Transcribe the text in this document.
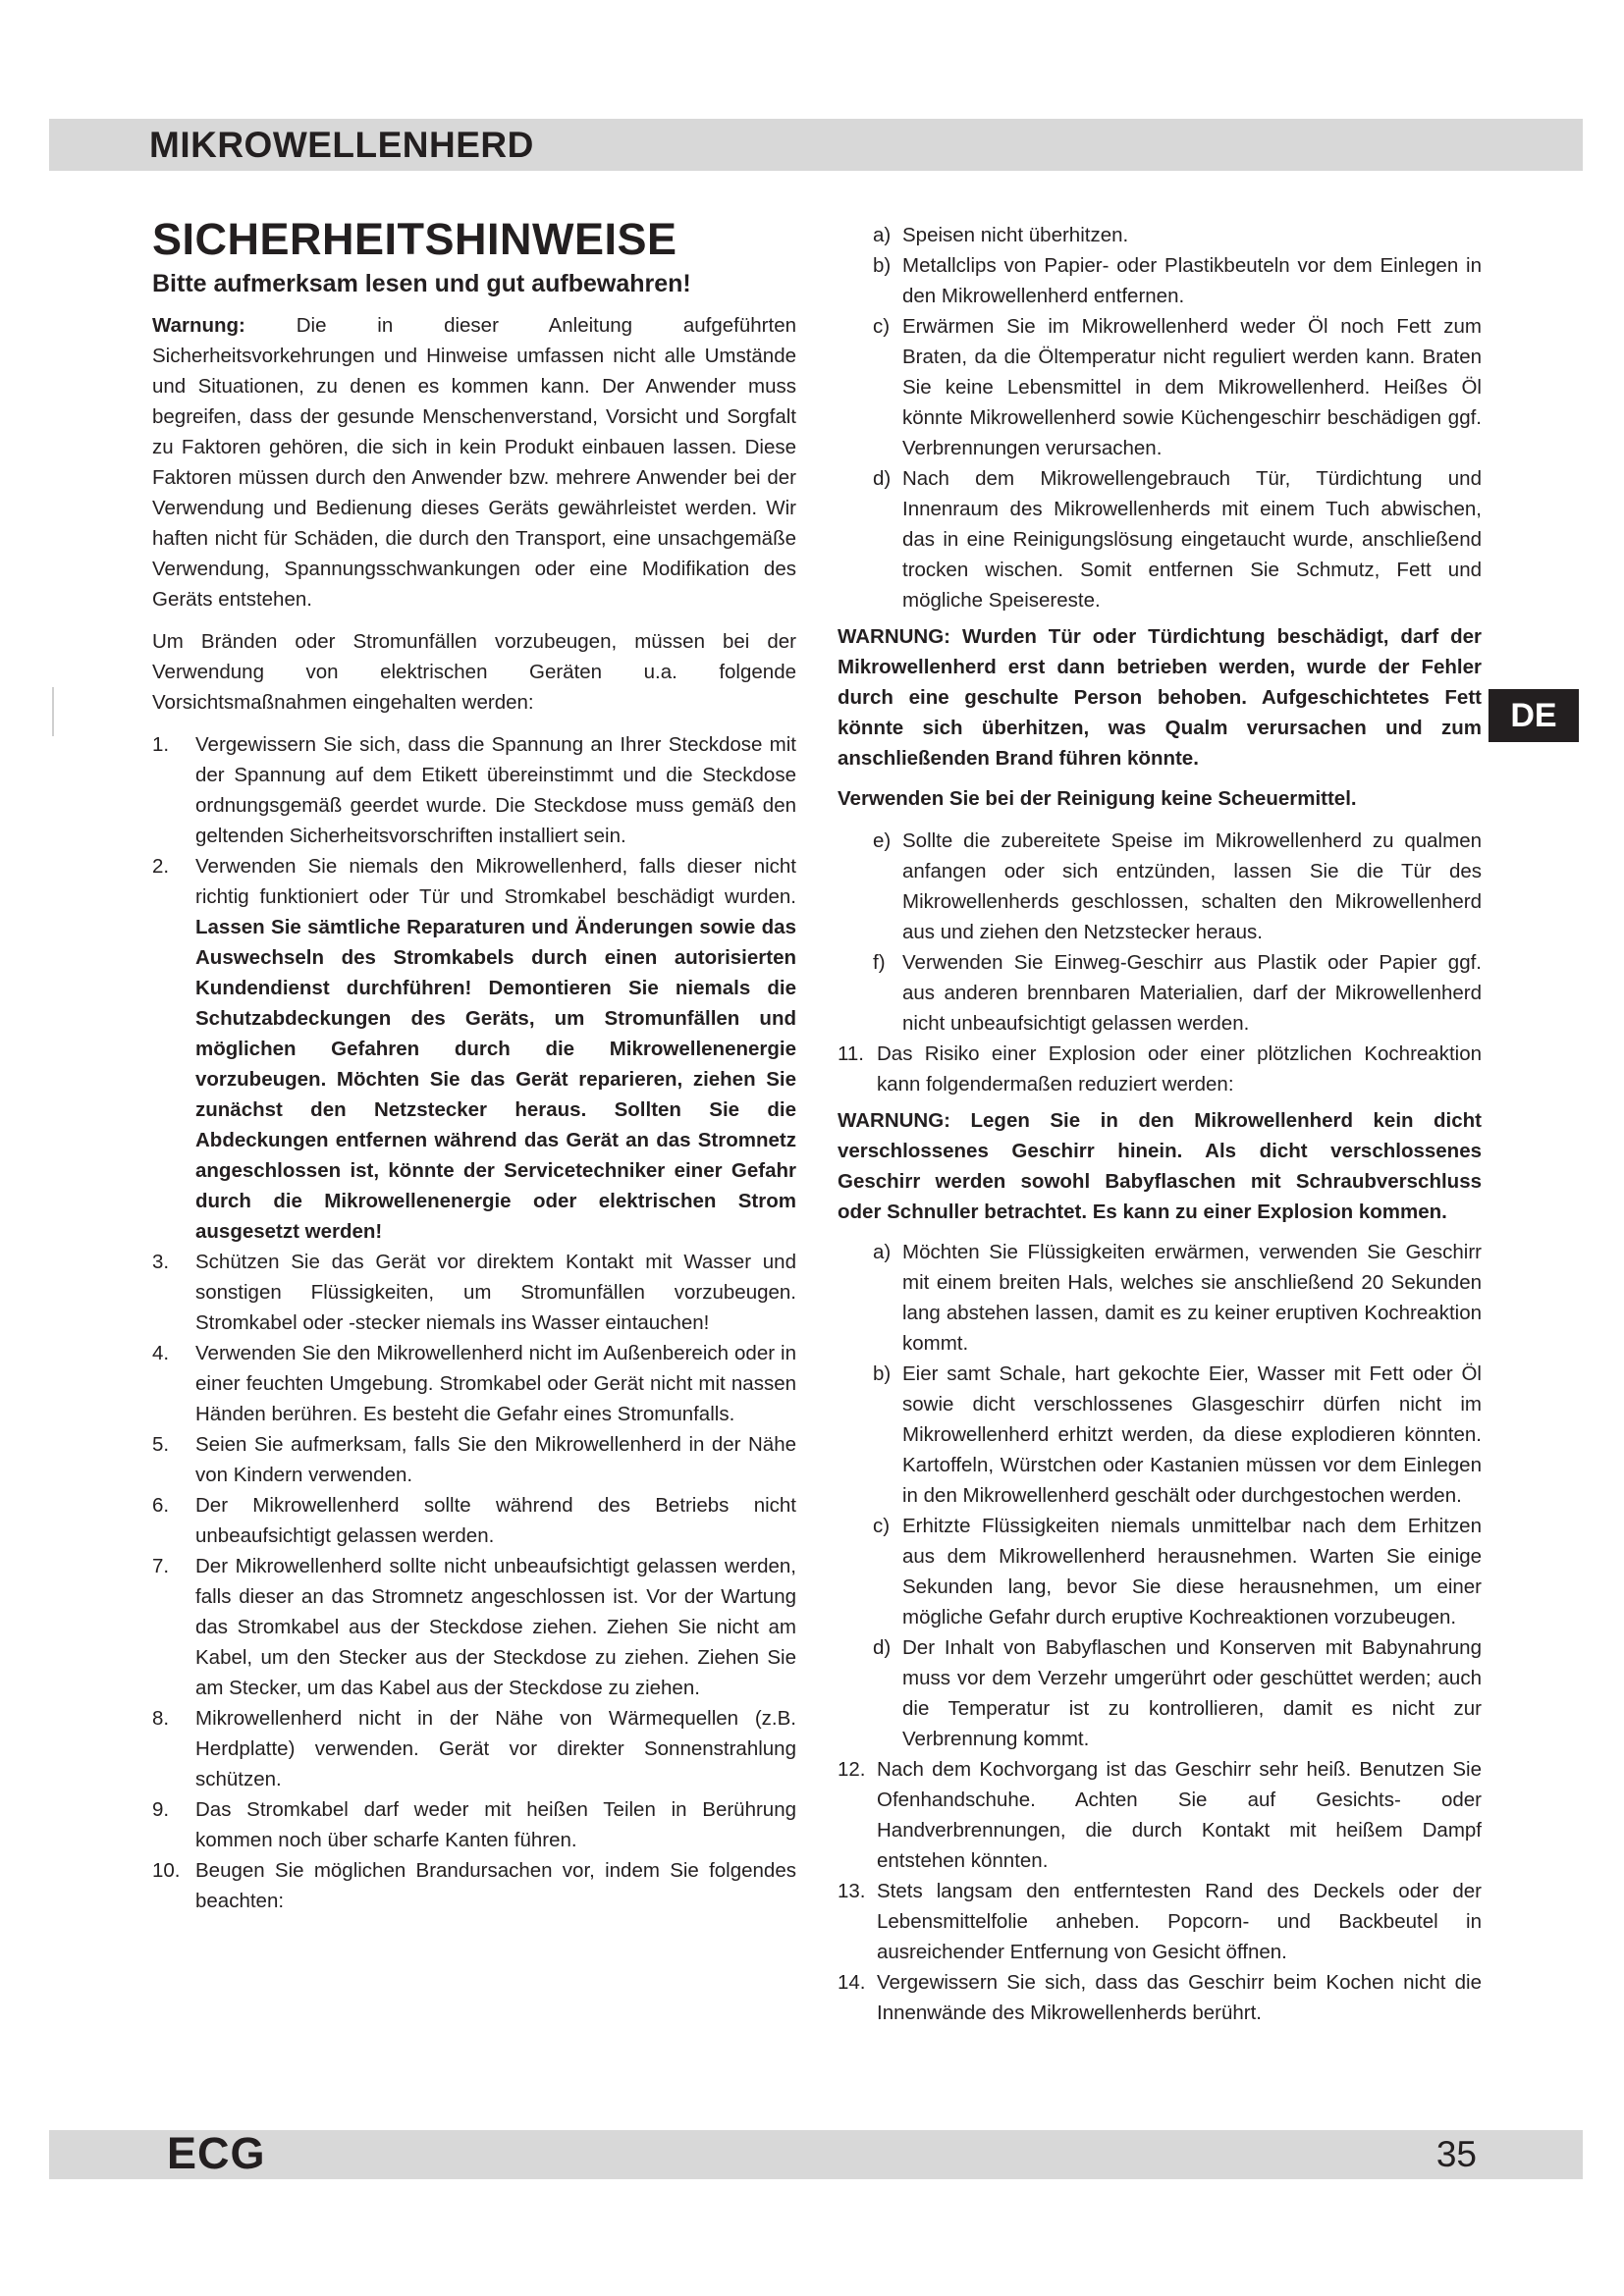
MIKROWELLENHERD
DE
SICHERHEITSHINWEISE
Bitte aufmerksam lesen und gut aufbewahren!

Warnung:	Die in dieser Anleitung aufgeführten Sicherheitsvorkehrungen und Hinweise umfassen nicht alle Umstände und Situationen, zu denen es kommen kann. Der Anwender muss begreifen, dass der gesunde Menschenverstand, Vorsicht und Sorgfalt zu Faktoren gehören, die sich in kein Produkt einbauen lassen. Diese Faktoren müssen durch den Anwender bzw. mehrere Anwender bei der Verwendung und Bedienung dieses Geräts gewährleistet werden. Wir haften nicht für Schäden, die durch den Transport, eine unsachgemäße Verwendung, Spannungsschwankungen oder eine Modifikation des Geräts entstehen.

Um Bränden oder Stromunfällen vorzubeugen, müssen bei der Verwendung von elektrischen Geräten u.a. folgende Vorsichtsmaßnahmen eingehalten werden:

1. Vergewissern Sie sich, dass die Spannung an Ihrer Steckdose mit der Spannung auf dem Etikett übereinstimmt und die Steckdose ordnungsgemäß geerdet wurde. Die Steckdose muss gemäß den geltenden Sicherheitsvorschriften installiert sein.
2. Verwenden Sie niemals den Mikrowellenherd, falls dieser nicht richtig funktioniert oder Tür und Stromkabel beschädigt wurden. Lassen Sie sämtliche Reparaturen und Änderungen sowie das Auswechseln des Stromkabels durch einen autorisierten Kundendienst durchführen! Demontieren Sie niemals die Schutzabdeckungen des Geräts, um Stromunfällen und möglichen Gefahren durch die Mikrowellenenergie vorzubeugen. Möchten Sie das Gerät reparieren, ziehen Sie zunächst den Netzstecker heraus. Sollten Sie die Abdeckungen entfernen während das Gerät an das Stromnetz angeschlossen ist, könnte der Servicetechniker einer Gefahr durch die Mikrowellenenergie oder elektrischen Strom ausgesetzt werden!
3. Schützen Sie das Gerät vor direktem Kontakt mit Wasser und sonstigen Flüssigkeiten, um Stromunfällen vorzubeugen. Stromkabel oder -stecker niemals ins Wasser eintauchen!
4. Verwenden Sie den Mikrowellenherd nicht im Außenbereich oder in einer feuchten Umgebung. Stromkabel oder Gerät nicht mit nassen Händen berühren. Es besteht die Gefahr eines Stromunfalls.
5. Seien Sie aufmerksam, falls Sie den Mikrowellenherd in der Nähe von Kindern verwenden.
6. Der Mikrowellenherd sollte während des Betriebs nicht unbeaufsichtigt gelassen werden.
7. Der Mikrowellenherd sollte nicht unbeaufsichtigt gelassen werden, falls dieser an das Stromnetz angeschlossen ist. Vor der Wartung das Stromkabel aus der Steckdose ziehen. Ziehen Sie nicht am Kabel, um den Stecker aus der Steckdose zu ziehen. Ziehen Sie am Stecker, um das Kabel aus der Steckdose zu ziehen.
8. Mikrowellenherd nicht in der Nähe von Wärmequellen (z.B. Herdplatte) verwenden. Gerät vor direkter Sonnenstrahlung schützen.
9. Das Stromkabel darf weder mit heißen Teilen in Berührung kommen noch über scharfe Kanten führen.
10. Beugen Sie möglichen Brandursachen vor, indem Sie folgendes beachten:
a) Speisen nicht überhitzen.
b) Metallclips von Papier- oder Plastikbeuteln vor dem Einlegen in den Mikrowellenherd entfernen.
c) Erwärmen Sie im Mikrowellenherd weder Öl noch Fett zum Braten, da die Öltemperatur nicht reguliert werden kann. Braten Sie keine Lebensmittel in dem Mikrowellenherd. Heißes Öl könnte Mikrowellenherd sowie Küchengeschirr beschädigen ggf. Verbrennungen verursachen.
d) Nach dem Mikrowellengebrauch Tür, Türdichtung und Innenraum des Mikrowellenherds mit einem Tuch abwischen, das in eine Reinigungslösung eingetaucht wurde, anschließend trocken wischen. Somit entfernen Sie Schmutz, Fett und mögliche Speisereste.

WARNUNG: Wurden Tür oder Türdichtung beschädigt, darf der Mikrowellenherd erst dann betrieben werden, wurde der Fehler durch eine geschulte Person behoben. Aufgeschichtetes Fett könnte sich überhitzen, was Qualm verursachen und zum anschließenden Brand führen könnte.

Verwenden Sie bei der Reinigung keine Scheuermittel.

e) Sollte die zubereitete Speise im Mikrowellenherd zu qualmen anfangen oder sich entzünden, lassen Sie die Tür des Mikrowellenherds geschlossen, schalten den Mikrowellenherd aus und ziehen den Netzstecker heraus.
f) Verwenden Sie Einweg-Geschirr aus Plastik oder Papier ggf. aus anderen brennbaren Materialien, darf der Mikrowellenherd nicht unbeaufsichtigt gelassen werden.
11. Das Risiko einer Explosion oder einer plötzlichen Kochreaktion kann folgendermaßen reduziert werden:

WARNUNG: Legen Sie in den Mikrowellenherd kein dicht verschlossenes Geschirr hinein. Als dicht verschlossenes Geschirr werden sowohl Babyflaschen mit Schraubverschluss oder Schnuller betrachtet. Es kann zu einer Explosion kommen.

a) Möchten Sie Flüssigkeiten erwärmen, verwenden Sie Geschirr mit einem breiten Hals, welches sie anschließend 20 Sekunden lang abstehen lassen, damit es zu keiner eruptiven Kochreaktion kommt.
b) Eier samt Schale, hart gekochte Eier, Wasser mit Fett oder Öl sowie dicht verschlossenes Glasgeschirr dürfen nicht im Mikrowellenherd erhitzt werden, da diese explodieren könnten. Kartoffeln, Würstchen oder Kastanien müssen vor dem Einlegen in den Mikrowellenherd geschält oder durchgestochen werden.
c) Erhitzte Flüssigkeiten niemals unmittelbar nach dem Erhitzen aus dem Mikrowellenherd herausnehmen. Warten Sie einige Sekunden lang, bevor Sie diese herausnehmen, um einer mögliche Gefahr durch eruptive Kochreaktionen vorzubeugen.
d) Der Inhalt von Babyflaschen und Konserven mit Babynahrung muss vor dem Verzehr umgerührt oder geschüttet werden; auch die Temperatur ist zu kontrollieren, damit es nicht zur Verbrennung kommt.
12. Nach dem Kochvorgang ist das Geschirr sehr heiß. Benutzen Sie Ofenhandschuhe. Achten Sie auf Gesichts- oder Handverbrennungen, die durch Kontakt mit heißem Dampf entstehen könnten.
13. Stets langsam den entferntesten Rand des Deckels oder der Lebensmittelfolie anheben. Popcorn- und Backbeutel in ausreichender Entfernung von Gesicht öffnen.
14. Vergewissern Sie sich, dass das Geschirr beim Kochen nicht die Innenwände des Mikrowellenherds berührt.
ECG	35
